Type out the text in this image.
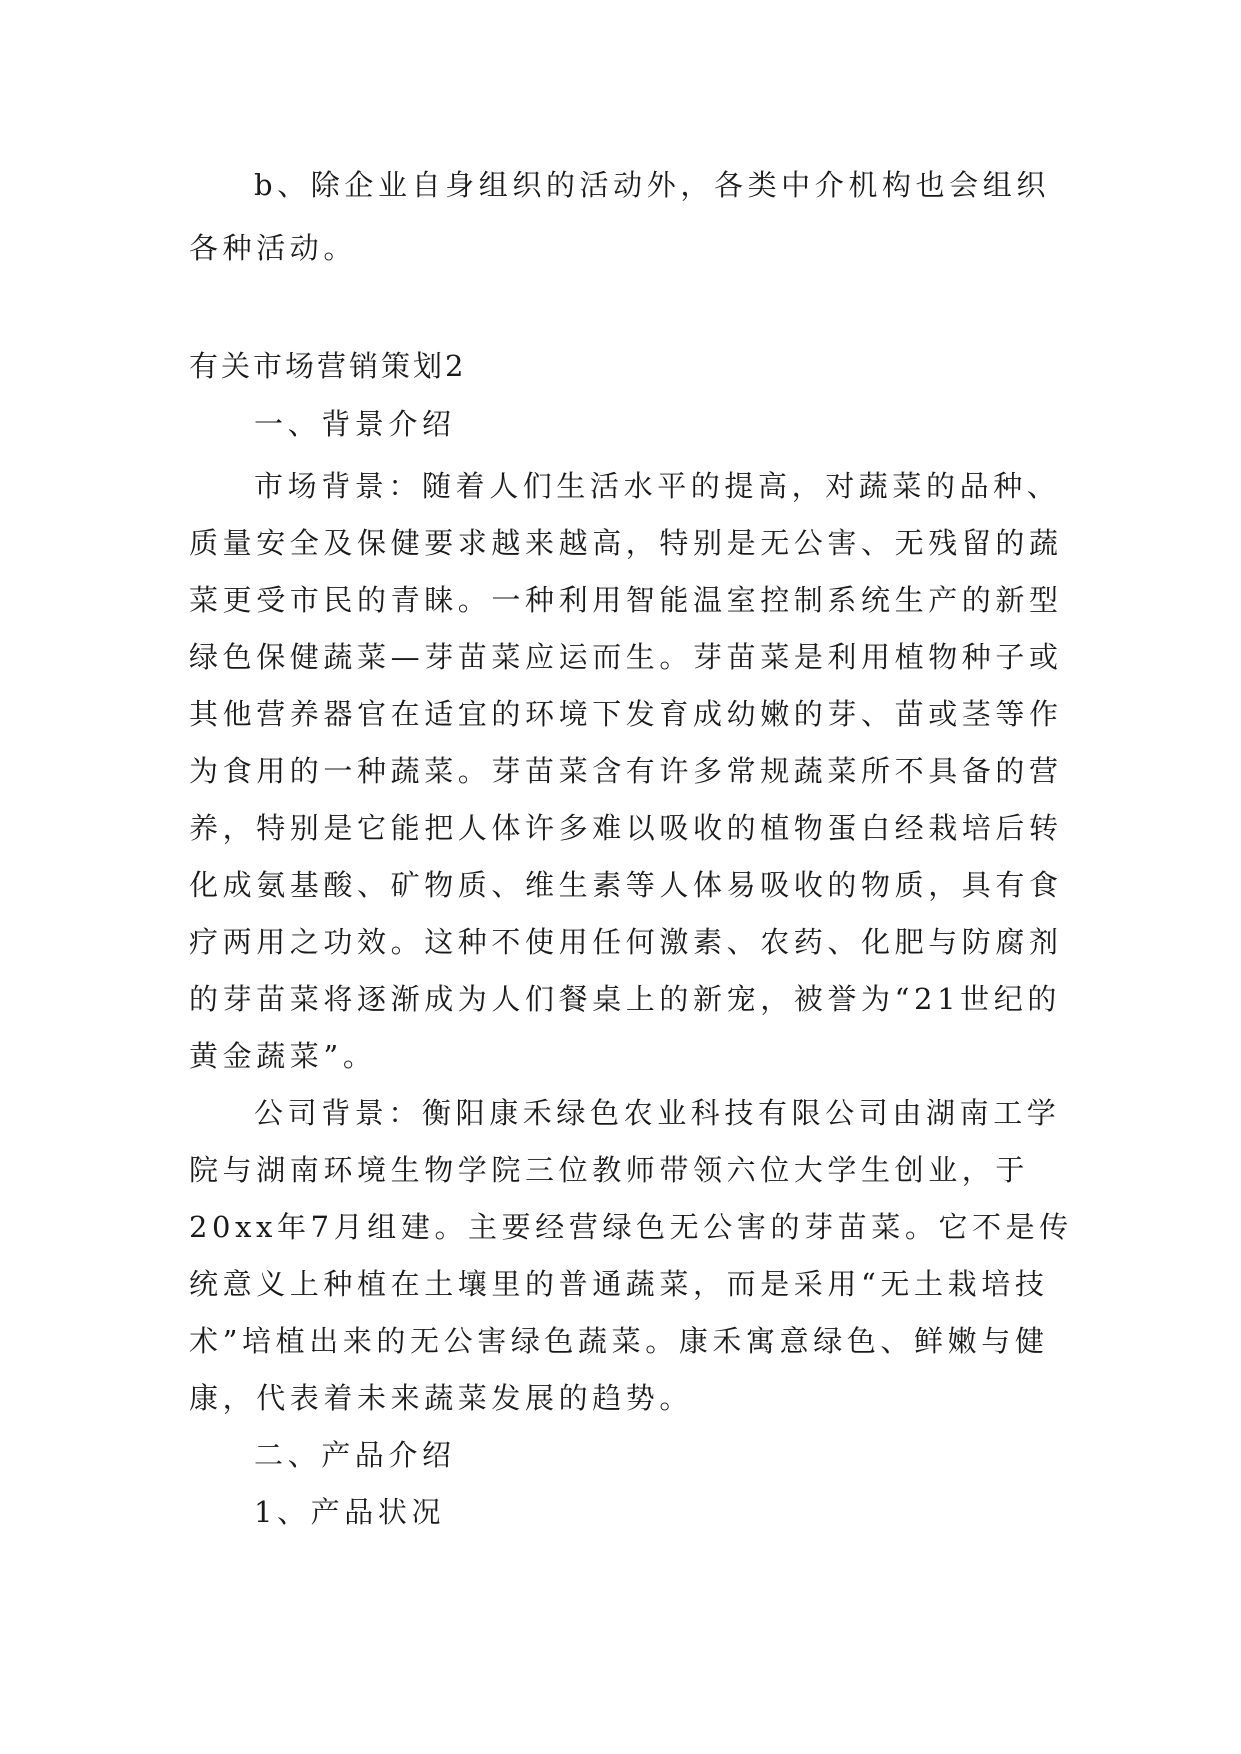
b、除企业自身组织的活动外，各类中介机构也会组织

各种活动。

有关市场营销策划2

一、背景介绍

市场背景：随着人们生活水平的提高，对蔬菜的品种、

质量安全及保健要求越来越高，特别是无公害、无残留的蔬

菜更受市民的青睐。一种利用智能温室控制系统生产的新型

绿色保健蔬菜—芽苗菜应运而生。芽苗菜是利用植物种子或

其他营养器官在适宜的环境下发育成幼嫩的芽、苗或茎等作

为食用的一种蔬菜。芽苗菜含有许多常规蔬菜所不具备的营

养，特别是它能把人体许多难以吸收的植物蛋白经栽培后转

化成氨基酸、矿物质、维生素等人体易吸收的物质，具有食

疗两用之功效。这种不使用任何激素、农药、化肥与防腐剂

的芽苗菜将逐渐成为人们餐桌上的新宠，被誉为“21世纪的

黄金蔬菜”。

公司背景：衡阳康禾绿色农业科技有限公司由湖南工学

院与湖南环境生物学院三位教师带领六位大学生创业，于

20xx年7月组建。主要经营绿色无公害的芽苗菜。它不是传

统意义上种植在土壤里的普通蔬菜，而是采用“无土栽培技

术”培植出来的无公害绿色蔬菜。康禾寓意绿色、鲜嫩与健

康，代表着未来蔬菜发展的趋势。

二、产品介绍

1、产品状况
